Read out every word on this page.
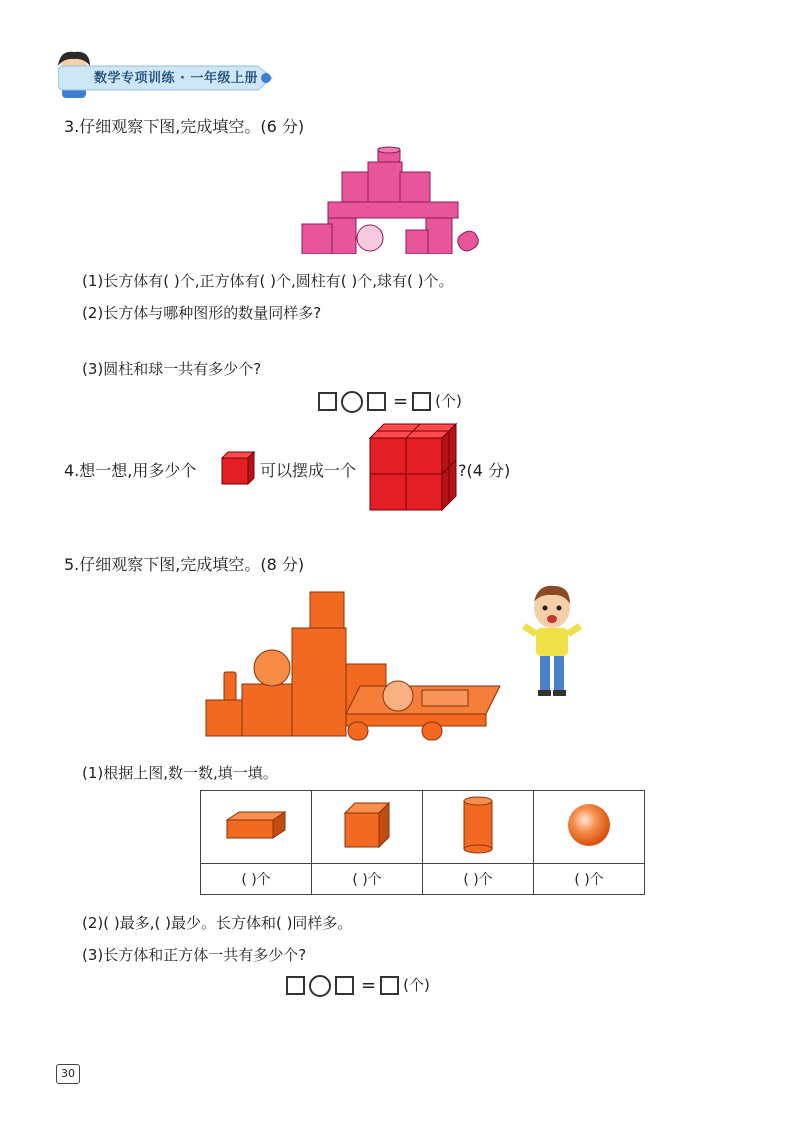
数学专项训练 · 一年级上册
3.仔细观察下图,完成填空。(6 分)
(1)长方体有( )个,正方体有( )个,圆柱有( )个,球有( )个。
(2)长方体与哪种图形的数量同样多?
(3)圆柱和球一共有多少个?
= (个)
4.想一想,用多少个	可以摆成一个	?(4 分)
5.仔细观察下图,完成填空。(8 分)
(1)根据上图,数一数,填一填。

( )个	( )个	( )个	( )个
(2)( )最多,( )最少。长方体和( )同样多。
(3)长方体和正方体一共有多少个?
= (个)
30
